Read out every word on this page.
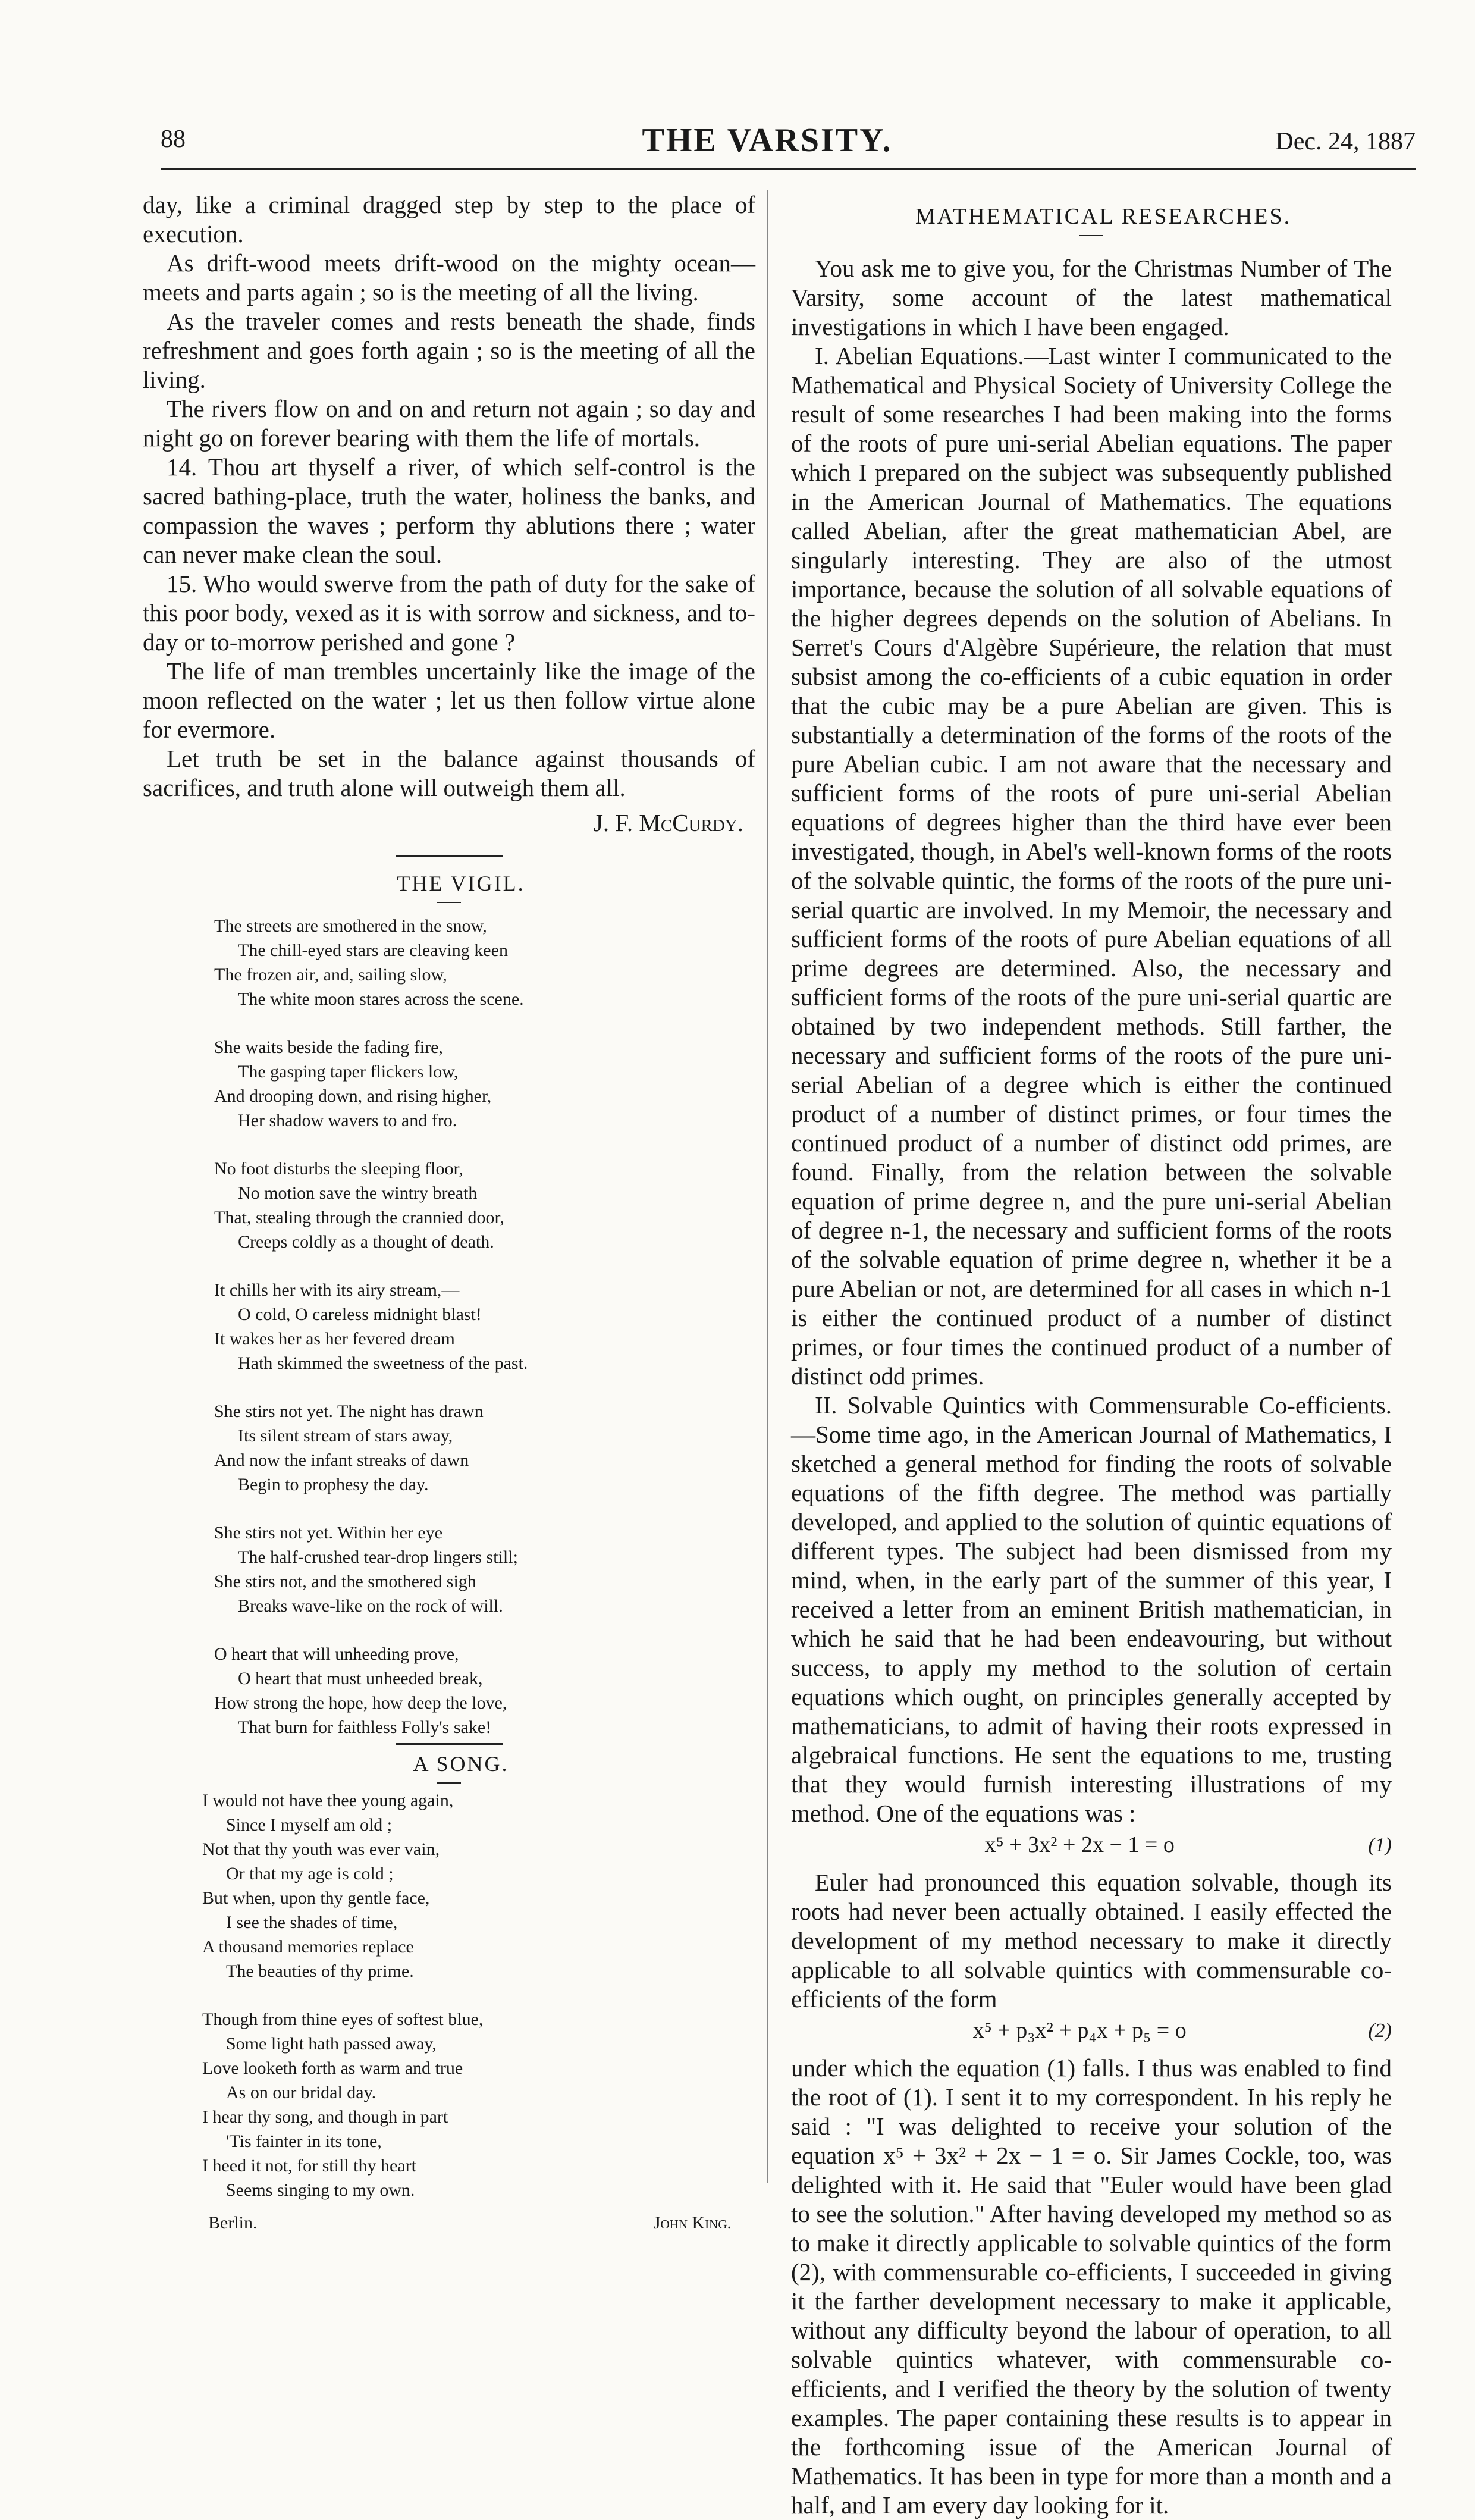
88	THE VARSITY.	Dec. 24, 1887

day, like a criminal dragged step by step to the place of execution.

As drift-wood meets drift-wood on the mighty ocean—meets and parts again ; so is the meeting of all the living.

As the traveler comes and rests beneath the shade, finds refreshment and goes forth again ; so is the meeting of all the living.

The rivers flow on and on and return not again ; so day and night go on forever bearing with them the life of mortals.

14. Thou art thyself a river, of which self-control is the sacred bathing-place, truth the water, holiness the banks, and compassion the waves ; perform thy ablutions there ; water can never make clean the soul.

15. Who would swerve from the path of duty for the sake of this poor body, vexed as it is with sorrow and sickness, and to-day or to-morrow perished and gone ?

The life of man trembles uncertainly like the image of the moon reflected on the water ; let us then follow virtue alone for evermore.

Let truth be set in the balance against thousands of sacrifices, and truth alone will outweigh them all.

J. F. McCurdy.

THE VIGIL.

The streets are smothered in the snow,
The chill-eyed stars are cleaving keen
The frozen air, and, sailing slow,
The white moon stares across the scene.
She waits beside the fading fire,
The gasping taper flickers low,
And drooping down, and rising higher,
Her shadow wavers to and fro.
No foot disturbs the sleeping floor,
No motion save the wintry breath
That, stealing through the crannied door,
Creeps coldly as a thought of death.
It chills her with its airy stream,—
O cold, O careless midnight blast!
It wakes her as her fevered dream
Hath skimmed the sweetness of the past.
She stirs not yet. The night has drawn
Its silent stream of stars away,
And now the infant streaks of dawn
Begin to prophesy the day.
She stirs not yet. Within her eye
The half-crushed tear-drop lingers still;
She stirs not, and the smothered sigh
Breaks wave-like on the rock of will.
O heart that will unheeding prove,
O heart that must unheeded break,
How strong the hope, how deep the love,
That burn for faithless Folly's sake!

A SONG.

I would not have thee young again,
Since I myself am old ;
Not that thy youth was ever vain,
Or that my age is cold ;
But when, upon thy gentle face,
I see the shades of time,
A thousand memories replace
The beauties of thy prime.
Though from thine eyes of softest blue,
Some light hath passed away,
Love looketh forth as warm and true
As on our bridal day.
I hear thy song, and though in part
'Tis fainter in its tone,
I heed it not, for still thy heart
Seems singing to my own.
Berlin.	John King.

MATHEMATICAL RESEARCHES.

You ask me to give you, for the Christmas Number of The Varsity, some account of the latest mathematical investigations in which I have been engaged.

I. Abelian Equations.—Last winter I communicated to the Mathematical and Physical Society of University College the result of some researches I had been making into the forms of the roots of pure uni-serial Abelian equations. The paper which I prepared on the subject was subsequently published in the American Journal of Mathematics. The equations called Abelian, after the great mathematician Abel, are singularly interesting. They are also of the utmost importance, because the solution of all solvable equations of the higher degrees depends on the solution of Abelians. In Serret's Cours d'Algèbre Supérieure, the relation that must subsist among the co-efficients of a cubic equation in order that the cubic may be a pure Abelian are given. This is substantially a determination of the forms of the roots of the pure Abelian cubic. I am not aware that the necessary and sufficient forms of the roots of pure uni-serial Abelian equations of degrees higher than the third have ever been investigated, though, in Abel's well-known forms of the roots of the solvable quintic, the forms of the roots of the pure uni-serial quartic are involved. In my Memoir, the necessary and sufficient forms of the roots of pure Abelian equations of all prime degrees are determined. Also, the necessary and sufficient forms of the roots of the pure uni-serial quartic are obtained by two independent methods. Still farther, the necessary and sufficient forms of the roots of the pure uni-serial Abelian of a degree which is either the continued product of a number of distinct primes, or four times the continued product of a number of distinct odd primes, are found. Finally, from the relation between the solvable equation of prime degree n, and the pure uni-serial Abelian of degree n-1, the necessary and sufficient forms of the roots of the solvable equation of prime degree n, whether it be a pure Abelian or not, are determined for all cases in which n-1 is either the continued product of a number of distinct primes, or four times the continued product of a number of distinct odd primes.

II. Solvable Quintics with Commensurable Co-efficients.—Some time ago, in the American Journal of Mathematics, I sketched a general method for finding the roots of solvable equations of the fifth degree. The method was partially developed, and applied to the solution of quintic equations of different types. The subject had been dismissed from my mind, when, in the early part of the summer of this year, I received a letter from an eminent British mathematician, in which he said that he had been endeavouring, but without success, to apply my method to the solution of certain equations which ought, on principles generally accepted by mathematicians, to admit of having their roots expressed in algebraical functions. He sent the equations to me, trusting that they would furnish interesting illustrations of my method. One of the equations was :

x⁵ + 3x² + 2x − 1 = o	(1)

Euler had pronounced this equation solvable, though its roots had never been actually obtained. I easily effected the development of my method necessary to make it directly applicable to all solvable quintics with commensurable co-efficients of the form

x⁵ + p₃x² + p₄x + p₅ = o	(2)

under which the equation (1) falls. I thus was enabled to find the root of (1). I sent it to my correspondent. In his reply he said : "I was delighted to receive your solution of the equation x⁵ + 3x² + 2x − 1 = o. Sir James Cockle, too, was delighted with it. He said that "Euler would have been glad to see the solution." After having developed my method so as to make it directly applicable to solvable quintics of the form (2), with commensurable co-efficients, I succeeded in giving it the farther development necessary to make it applicable, without any difficulty beyond the labour of operation, to all solvable quintics whatever, with commensurable co-efficients, and I verified the theory by the solution of twenty examples. The paper containing these results is to appear in the forthcoming issue of the American Journal of Mathematics. It has been in type for more than a month and a half, and I am every day looking for it.
